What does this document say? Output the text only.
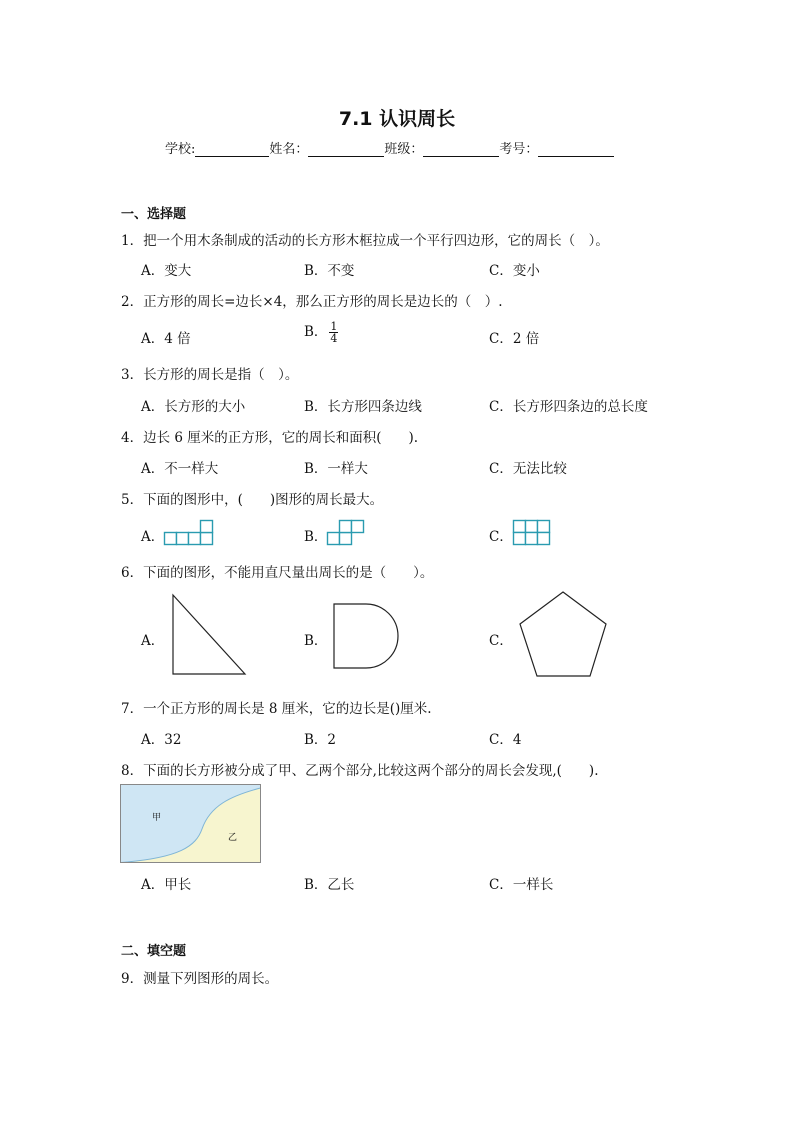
7.1 认识周长
学校:	姓名：	班级：	考号：
一、选择题
1．把一个用木条制成的活动的长方形木框拉成一个平行四边形，它的周长（　）。
A．变大	B．不变	C．变小
2．正方形的周长=边长×4，那么正方形的周长是边长的（　）.
A．4 倍	B． $\frac{1}{4}$	C．2 倍
3．长方形的周长是指（　）。
A．长方形的大小	B．长方形四条边线	C．长方形四条边的总长度
4．边长 6 厘米的正方形，它的周长和面积(　　).
A．不一样大	B．一样大	C．无法比较
5．下面的图形中，(　　)图形的周长最大。
A．	B．	C．
6．下面的图形，不能用直尺量出周长的是（　　）。
A．	B．	C．
7．一个正方形的周长是 8 厘米，它的边长是()厘米.
A．32	B．2	C．4
8．下面的长方形被分成了甲、乙两个部分,比较这两个部分的周长会发现,(　　).
甲
乙
A．甲长	B．乙长	C．一样长
二、填空题
9．测量下列图形的周长。
